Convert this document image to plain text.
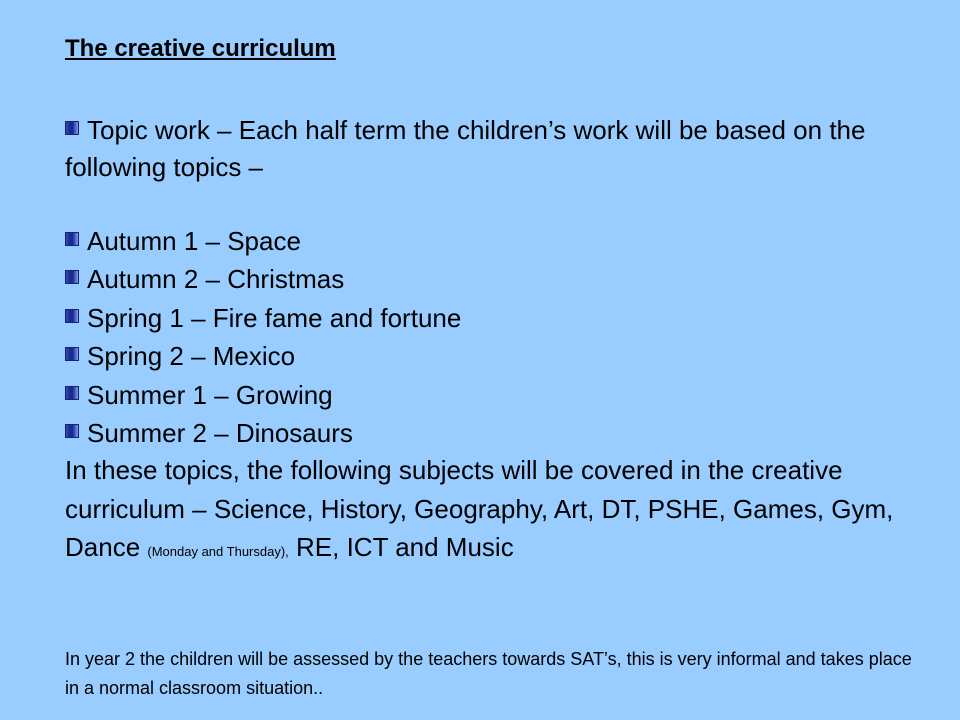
The creative curriculum
Topic work – Each half term the children’s work will be based on the following topics –
Autumn 1 – Space
Autumn 2 – Christmas
Spring 1 – Fire fame and fortune
Spring 2 – Mexico
Summer 1 – Growing
Summer 2 – Dinosaurs
In these topics, the following subjects will be covered in the creative curriculum – Science, History, Geography, Art, DT, PSHE, Games, Gym, Dance (Monday and Thursday), RE, ICT and Music
In year 2 the children will be assessed by the teachers towards SAT’s, this is very informal and takes place in a normal classroom situation..
